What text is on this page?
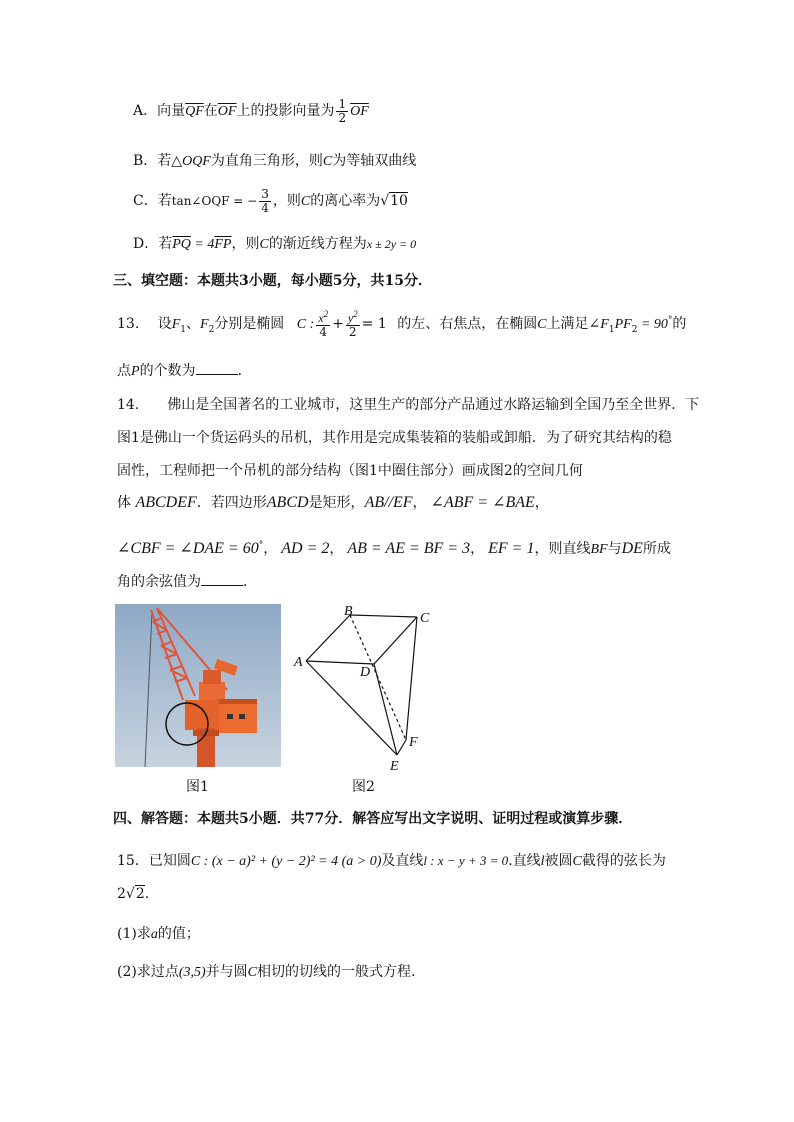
A．向量$\overline{QF}$在$\overline{OF}$上的投影向量为 $\frac{1}{2} \overline{OF}$
B．若△OQF为直角三角形，则C为等轴双曲线
C．若tan∠OQF = − $\frac{3}{4}$ ，则C的离心率为√10
D．若$\overline{PQ} = 4\overline{FP}$，则C的渐近线方程为x ± 2y = 0
三、填空题：本题共3小题，每小题5分，共15分．
13. 设$F_1$、$F_2$分别是椭圆 C : $\frac{x^2}{4} + \frac{y^2}{2} = 1$ 的左、右焦点，在椭圆C上满足$\angle F_1PF_2 = 90^\circ$的
点P的个数为	．
14.　　佛山是全国著名的工业城市，这里生产的部分产品通过水路运输到全国乃至全世界．下
图1是佛山一个货运码头的吊机，其作用是完成集装箱的装船或卸船．为了研究其结构的稳
固性，工程师把一个吊机的部分结构（图1中圈住部分）画成图2的空间几何
体 ABCDEF．若四边形ABCD是矩形，AB//EF， ∠ABF = ∠BAE，
∠CBF = ∠DAE = 60°， AD = 2， AB = AE = BF = 3， EF = 1，则直线BF与DE所成
角的余弦值为	．
图1
B	C
A
D
F
E
图2
四、解答题：本题共5小题．共77分．解答应写出文字说明、证明过程或演算步骤．
15．已知圆C : (x − a)² + (y − 2)² = 4 (a > 0)及直线l : x − y + 3 = 0.直线l被圆C截得的弦长为
2√2.
(1)求a的值；
(2)求过点(3,5)并与圆C相切的切线的一般式方程.
